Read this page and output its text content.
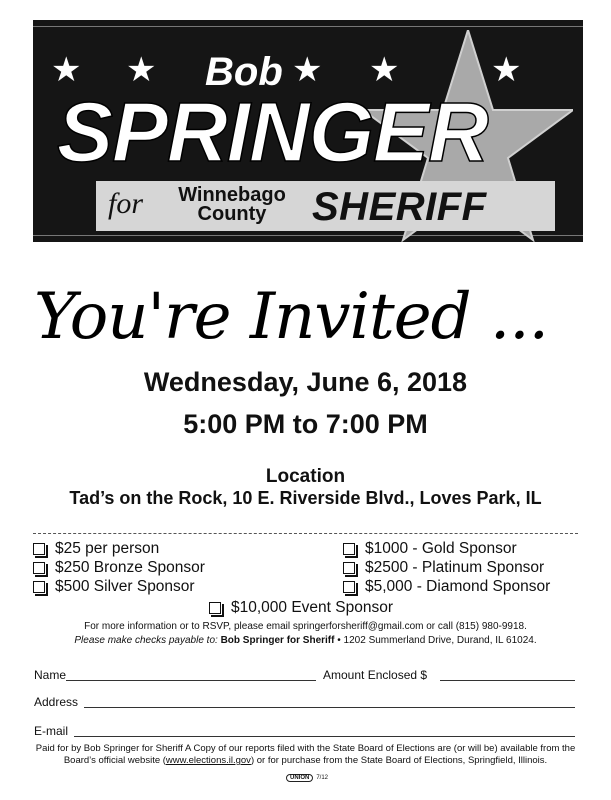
★ ★	★ ★	★
Bob
SPRINGER
for	Winnebago
County	SHERIFF
You're Invited ...
Wednesday, June 6, 2018
5:00 PM to 7:00 PM
Location
Tad’s on the Rock, 10 E. Riverside Blvd., Loves Park, IL
$25 per person
$250 Bronze Sponsor
$500 Silver Sponsor
$1000 - Gold Sponsor
$2500 - Platinum Sponsor
$5,000 - Diamond Sponsor
$10,000 Event Sponsor
For more information or to RSVP, please email springerforsheriff@gmail.com or call (815) 980-9918.
Please make checks payable to: Bob Springer for Sheriff • 1202 Summerland Drive, Durand, IL 61024.
Name	Amount Enclosed $
Address
E-mail
Paid for by Bob Springer for Sheriff A Copy of our reports filed with the State Board of Elections are (or will be) available from the
Board’s official website (www.elections.il.gov) or for purchase from the State Board of Elections, Springfield, Illinois.
UNION	7/12
